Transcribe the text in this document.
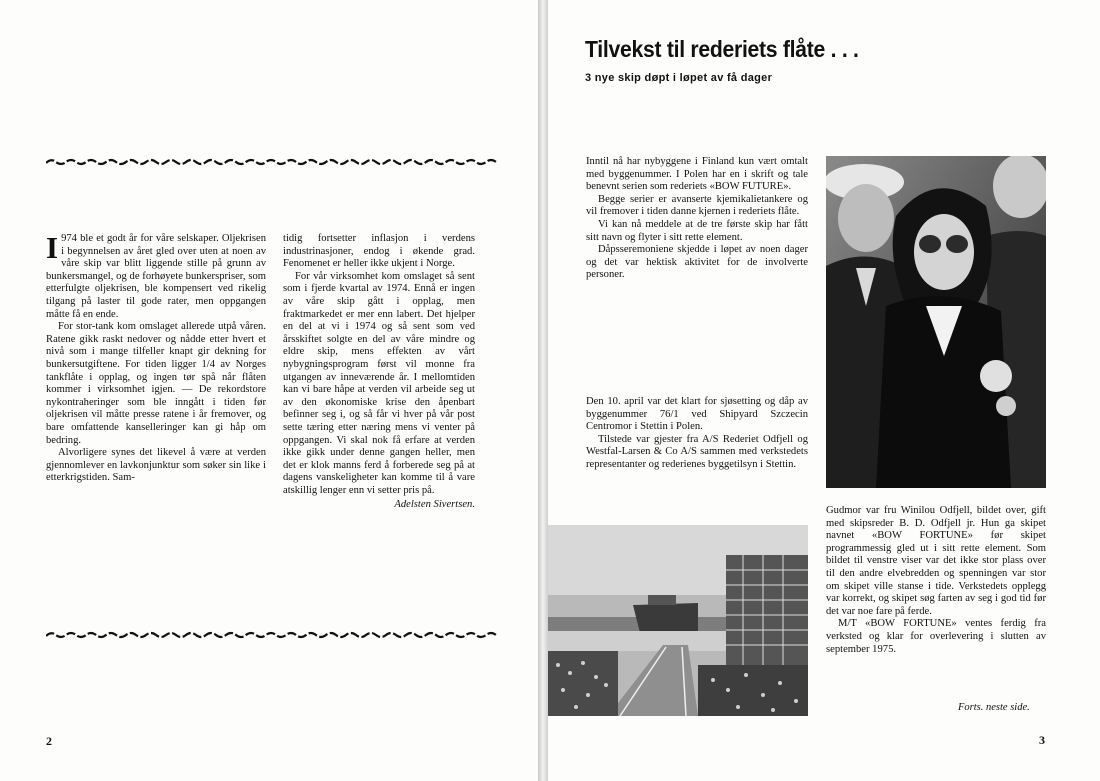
I 974 ble et godt år for våre selskaper. Oljekrisen i begynnelsen av året gled over uten at noen av våre skip var blitt liggende stille på grunn av bunkersmangel, og de forhøyete bunkerspriser, som etterfulgte oljekrisen, ble kompensert ved rikelig tilgang på laster til gode rater, men oppgangen måtte få en ende.

For stor-tank kom omslaget allerede utpå våren. Ratene gikk raskt nedover og nådde etter hvert et nivå som i mange tilfeller knapt gir dekning for bunkersutgiftene. For tiden ligger 1/4 av Norges tankflåte i opplag, og ingen tør spå når flåten kommer i virksomhet igjen. — De rekordstore nykontraheringer som ble inngått i tiden før oljekrisen vil måtte presse ratene i år fremover, og bare omfattende kanselleringer kan gi håp om bedring.

Alvorligere synes det likevel å være at verden gjennomlever en lavkonjunktur som søker sin like i etterkrigstiden. Sam-

tidig fortsetter inflasjon i verdens industrinasjoner, endog i økende grad. Fenomenet er heller ikke ukjent i Norge.

For vår virksomhet kom omslaget så sent som i fjerde kvartal av 1974. Ennå er ingen av våre skip gått i opplag, men fraktmarkedet er mer enn labert. Det hjelper en del at vi i 1974 og så sent som ved årsskiftet solgte en del av våre mindre og eldre skip, mens effekten av vårt nybygningsprogram først vil monne fra utgangen av inneværende år. I mellomtiden kan vi bare håpe at verden vil arbeide seg ut av den økonomiske krise den åpenbart befinner seg i, og så får vi hver på vår post sette tæring etter næring mens vi venter på oppgangen. Vi skal nok få erfare at verden ikke gikk under denne gangen heller, men det er klok manns ferd å forberede seg på at dagens vanskeligheter kan komme til å vare atskillig lenger enn vi setter pris på.

Adelsten Sivertsen.
2
Tilvekst til rederiets flåte . . .
3 nye skip døpt i løpet av få dager

Inntil nå har nybyggene i Finland kun vært omtalt med byggenummer. I Polen har en i skrift og tale benevnt serien som rederiets «BOW FUTURE».

Begge serier er avanserte kjemikalietankere og vil fremover i tiden danne kjernen i rederiets flåte.

Vi kan nå meddele at de tre første skip har fått sitt navn og flyter i sitt rette element.

Dåpsseremoniene skjedde i løpet av noen dager og det var hektisk aktivitet for de involverte personer.

Den 10. april var det klart for sjøsetting og dåp av byggenummer 76/1 ved Shipyard Szczecin Centromor i Stettin i Polen.

Tilstede var gjester fra A/S Rederiet Odfjell og Westfal-Larsen & Co A/S sammen med verkstedets representanter og rederienes byggetilsyn i Stettin.

Gudmor var fru Winilou Odfjell, bildet over, gift med skipsreder B. D. Odfjell jr. Hun ga skipet navnet «BOW FORTUNE» før skipet programmessig gled ut i sitt rette element. Som bildet til venstre viser var det ikke stor plass over til den andre elvebredden og spenningen var stor om skipet ville stanse i tide. Verkstedets opplegg var korrekt, og skipet søg farten av seg i god tid før det var noe fare på ferde.

M/T «BOW FORTUNE» ventes ferdig fra verksted og klar for overlevering i slutten av september 1975.

Forts. neste side.
3
